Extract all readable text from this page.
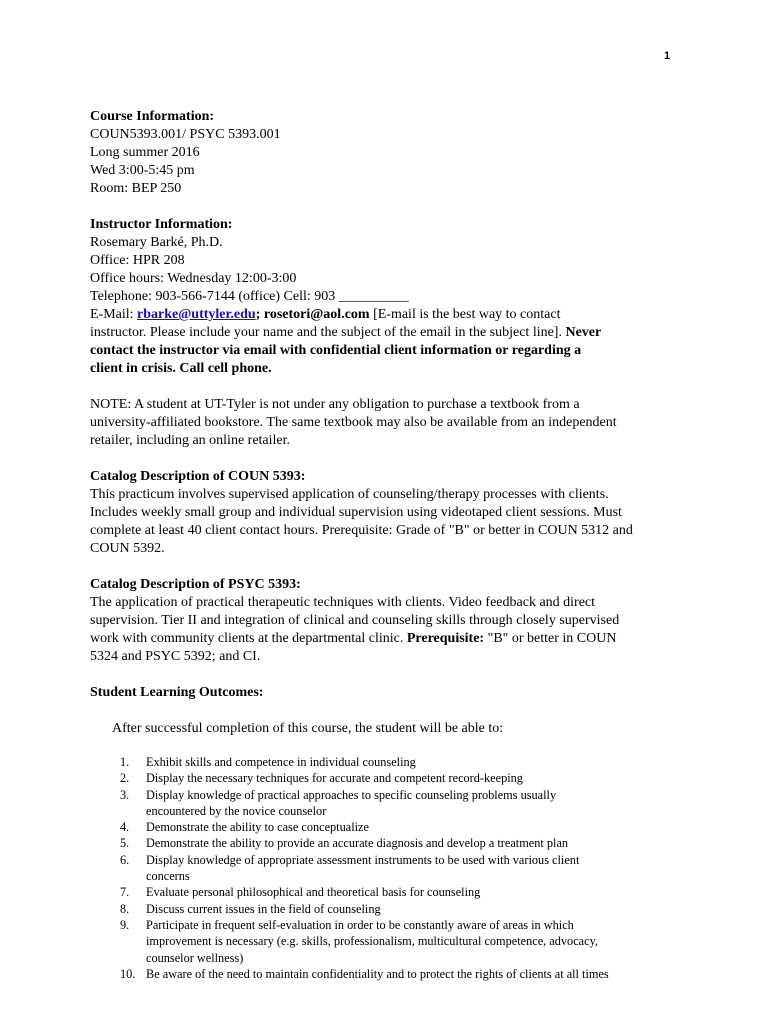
1
Course Information:
COUN5393.001/ PSYC 5393.001
Long summer 2016
Wed 3:00-5:45 pm
Room: BEP 250
Instructor Information:
Rosemary Barké, Ph.D.
Office: HPR 208
Office hours: Wednesday 12:00-3:00
Telephone: 903-566-7144 (office) Cell: 903 __________
E-Mail: rbarke@uttyler.edu; rosetori@aol.com [E-mail is the best way to contact
instructor. Please include your name and the subject of the email in the subject line]. Never
contact the instructor via email with confidential client information or regarding a
client in crisis. Call cell phone.
NOTE: A student at UT-Tyler is not under any obligation to purchase a textbook from a
university-affiliated bookstore. The same textbook may also be available from an independent
retailer, including an online retailer.
Catalog Description of COUN 5393:
This practicum involves supervised application of counseling/therapy processes with clients.
Includes weekly small group and individual supervision using videotaped client sessions. Must
complete at least 40 client contact hours. Prerequisite: Grade of "B" or better in COUN 5312 and
COUN 5392.
Catalog Description of PSYC 5393:
The application of practical therapeutic techniques with clients. Video feedback and direct
supervision. Tier II and integration of clinical and counseling skills through closely supervised
work with community clients at the departmental clinic. Prerequisite: "B" or better in COUN
5324 and PSYC 5392; and CI.
Student Learning Outcomes:
After successful completion of this course, the student will be able to:
1.	Exhibit skills and competence in individual counseling
2.	Display the necessary techniques for accurate and competent record-keeping
3.	Display knowledge of practical approaches to specific counseling problems usually
encountered by the novice counselor
4.	Demonstrate the ability to case conceptualize
5.	Demonstrate the ability to provide an accurate diagnosis and develop a treatment plan
6.	Display knowledge of appropriate assessment instruments to be used with various client
concerns
7.	Evaluate personal philosophical and theoretical basis for counseling
8.	Discuss current issues in the field of counseling
9.	Participate in frequent self-evaluation in order to be constantly aware of areas in which
improvement is necessary (e.g. skills, professionalism, multicultural competence, advocacy,
counselor wellness)
10. Be aware of the need to maintain confidentiality and to protect the rights of clients at all times
